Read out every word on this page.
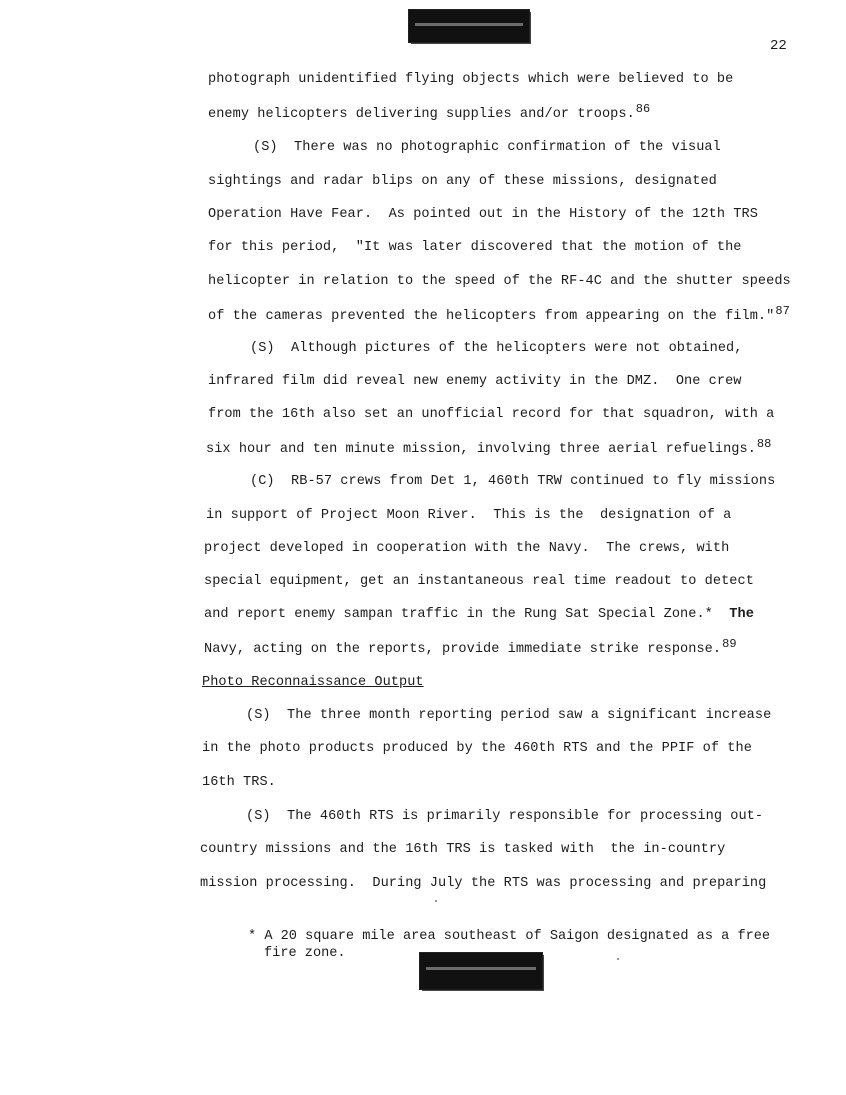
22
photograph unidentified flying objects which were believed to be
enemy helicopters delivering supplies and/or troops.86
(S)  There was no photographic confirmation of the visual
sightings and radar blips on any of these missions, designated
Operation Have Fear.  As pointed out in the History of the 12th TRS
for this period,  "It was later discovered that the motion of the
helicopter in relation to the speed of the RF-4C and the shutter speeds
of the cameras prevented the helicopters from appearing on the film."87
(S)  Although pictures of the helicopters were not obtained,
infrared film did reveal new enemy activity in the DMZ.  One crew
from the 16th also set an unofficial record for that squadron, with a
six hour and ten minute mission, involving three aerial refuelings.88
(C)  RB-57 crews from Det 1, 460th TRW continued to fly missions
in support of Project Moon River.  This is the  designation of a
project developed in cooperation with the Navy.  The crews, with
special equipment, get an instantaneous real time readout to detect
and report enemy sampan traffic in the Rung Sat Special Zone.*  The
Navy, acting on the reports, provide immediate strike response.89
Photo Reconnaissance Output
(S)  The three month reporting period saw a significant increase
in the photo products produced by the 460th RTS and the PPIF of the
16th TRS.
(S)  The 460th RTS is primarily responsible for processing out-
country missions and the 16th TRS is tasked with  the in-country
mission processing.  During July the RTS was processing and preparing
* A 20 square mile area southeast of Saigon designated as a free
fire zone.
